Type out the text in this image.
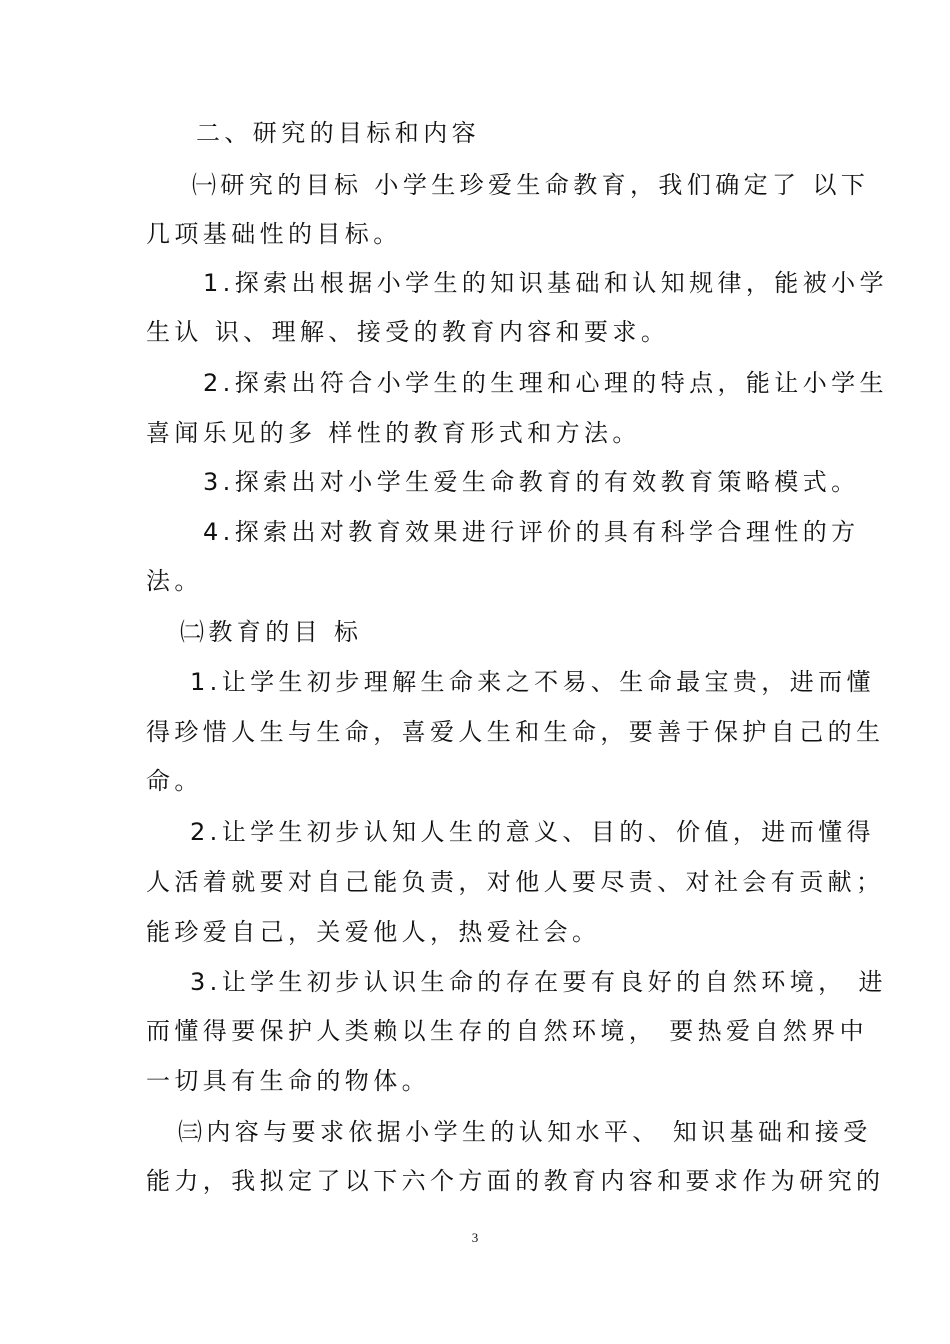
二、研究的目标和内容
㈠研究的目标 小学生珍爱生命教育，我们确定了 以下
几项基础性的目标。
1.探索出根据小学生的知识基础和认知规律，能被小学
生认 识、理解、接受的教育内容和要求。
2.探索出符合小学生的生理和心理的特点，能让小学生
喜闻乐见的多 样性的教育形式和方法。
3.探索出对小学生爱生命教育的有效教育策略模式。
4.探索出对教育效果进行评价的具有科学合理性的方
法。
㈡教育的目 标
1.让学生初步理解生命来之不易、生命最宝贵，进而懂
得珍惜人生与生命，喜爱人生和生命，要善于保护自己的生
命。
2.让学生初步认知人生的意义、目的、价值，进而懂得
人活着就要对自己能负责，对他人要尽责、对社会有贡献；
能珍爱自己，关爱他人，热爱社会。
3.让学生初步认识生命的存在要有良好的自然环境， 进
而懂得要保护人类赖以生存的自然环境， 要热爱自然界中
一切具有生命的物体。
㈢内容与要求依据小学生的认知水平、 知识基础和接受
能力，我拟定了以下六个方面的教育内容和要求作为研究的
3
